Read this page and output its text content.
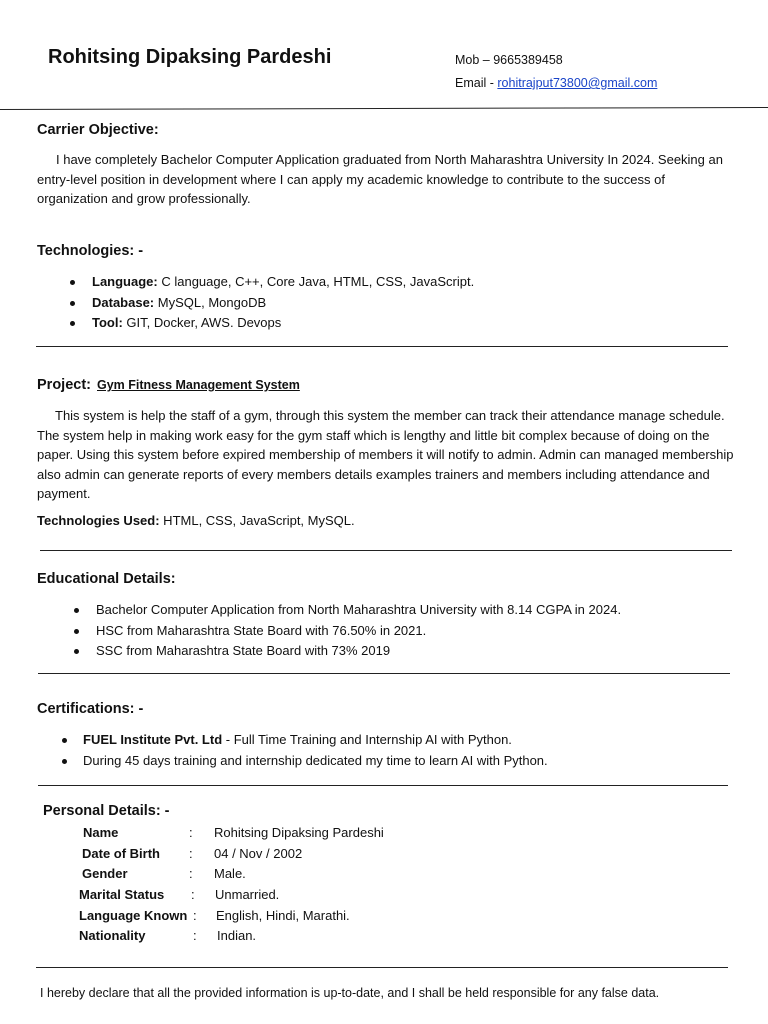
Rohitsing Dipaksing Pardeshi	Mob – 9665389458
Email - rohitrajput73800@gmail.com
Carrier Objective:
I have completely Bachelor Computer Application graduated from North Maharashtra University In 2024. Seeking an entry-level position in development where I can apply my academic knowledge to contribute to the success of organization and grow professionally.
Technologies: -
Language: C language, C++, Core Java, HTML, CSS, JavaScript.
Database: MySQL, MongoDB
Tool: GIT, Docker, AWS. Devops
Project: Gym Fitness Management System
This system is help the staff of a gym, through this system the member can track their attendance manage schedule. The system help in making work easy for the gym staff which is lengthy and little bit complex because of doing on the paper. Using this system before expired membership of members it will notify to admin. Admin can managed membership also admin can generate reports of every members details examples trainers and members including attendance and payment.
Technologies Used: HTML, CSS, JavaScript, MySQL.
Educational Details:
Bachelor Computer Application from North Maharashtra University with 8.14 CGPA in 2024.
HSC from Maharashtra State Board with 76.50% in 2021.
SSC from Maharashtra State Board with 73% 2019
Certifications: -
FUEL Institute Pvt. Ltd - Full Time Training and Internship AI with Python.
During 45 days training and internship dedicated my time to learn AI with Python.
Personal Details: -
Name	: Rohitsing Dipaksing Pardeshi
Date of Birth : 04 / Nov / 2002
Gender	: Male.
Marital Status : Unmarried.
Language Known : English, Hindi, Marathi.
Nationality	: Indian.
I hereby declare that all the provided information is up-to-date, and I shall be held responsible for any false data.
